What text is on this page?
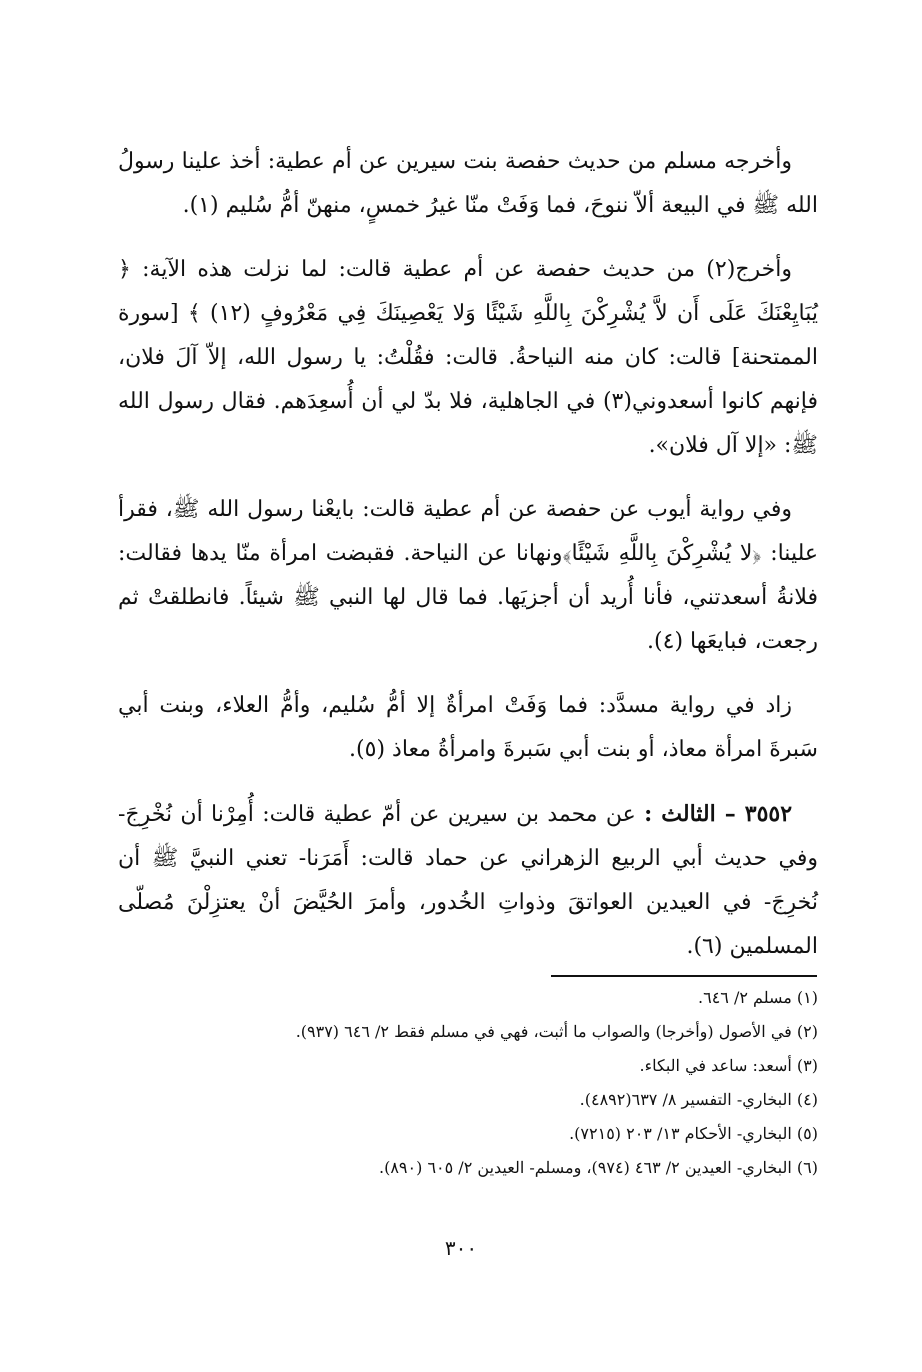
وأخرجه مسلم من حديث حفصة بنت سيرين عن أم عطية: أخذ علينا رسولُ الله ﷺ في البيعة ألاّ ننوحَ، فما وَفَتْ منّا غيرُ خمسٍ، منهنّ أمُّ سُليم (١).

وأخرج(٢) من حديث حفصة عن أم عطية قالت: لما نزلت هذه الآية: ﴿ يُبَايِعْنَكَ عَلَى أَن لاَّ يُشْرِكْنَ بِاللَّهِ شَيْئًا وَلا يَعْصِينَكَ فِي مَعْرُوفٍ (١٢) ﴾ [سورة الممتحنة] قالت: كان منه النياحةُ. قالت: فقُلْتُ: يا رسول الله، إلاّ آلَ فلان، فإنهم كانوا أسعدوني(٣) في الجاهلية، فلا بدّ لي أن أُسعِدَهم. فقال رسول الله ﷺ: «إلا آل فلان».

وفي رواية أيوب عن حفصة عن أم عطية قالت: بايعْنا رسول الله ﷺ، فقرأ علينا: ﴿لا يُشْرِكْنَ بِاللَّهِ شَيْئًا﴾ونهانا عن النياحة. فقبضت امرأة منّا يدها فقالت: فلانةُ أسعدتني، فأنا أُريد أن أجزيَها. فما قال لها النبي ﷺ شيئاً. فانطلقتْ ثم رجعت، فبايعَها (٤).

زاد في رواية مسدَّد: فما وَفَتْ امرأةٌ إلا أمُّ سُليم، وأمُّ العلاء، وبنت أبي سَبرةَ امرأة معاذ، أو بنت أبي سَبرةَ وامرأةُ معاذ (٥).

٣٥٥٢ – الثالث : عن محمد بن سيرين عن أمّ عطية قالت: أُمِرْنا أن نُخْرِجَ- وفي حديث أبي الربيع الزهراني عن حماد قالت: أَمَرَنا- تعني النبيَّ ﷺ أن نُخرِجَ- في العيدين العواتقَ وذواتِ الخُدور، وأمرَ الحُيَّضَ أنْ يعتزِلْنَ مُصلّى المسلمين (٦).

(١) مسلم ٢/ ٦٤٦.
(٢) في الأصول (وأخرجا) والصواب ما أثبت، فهي في مسلم فقط ٢/ ٦٤٦ (٩٣٧).
(٣) أسعد: ساعد في البكاء.
(٤) البخاري- التفسير ٨/ ٦٣٧(٤٨٩٢).
(٥) البخاري- الأحكام ١٣/ ٢٠٣ (٧٢١٥).
(٦) البخاري- العيدين ٢/ ٤٦٣ (٩٧٤)، ومسلم- العيدين ٢/ ٦٠٥ (٨٩٠).
٣٠٠
